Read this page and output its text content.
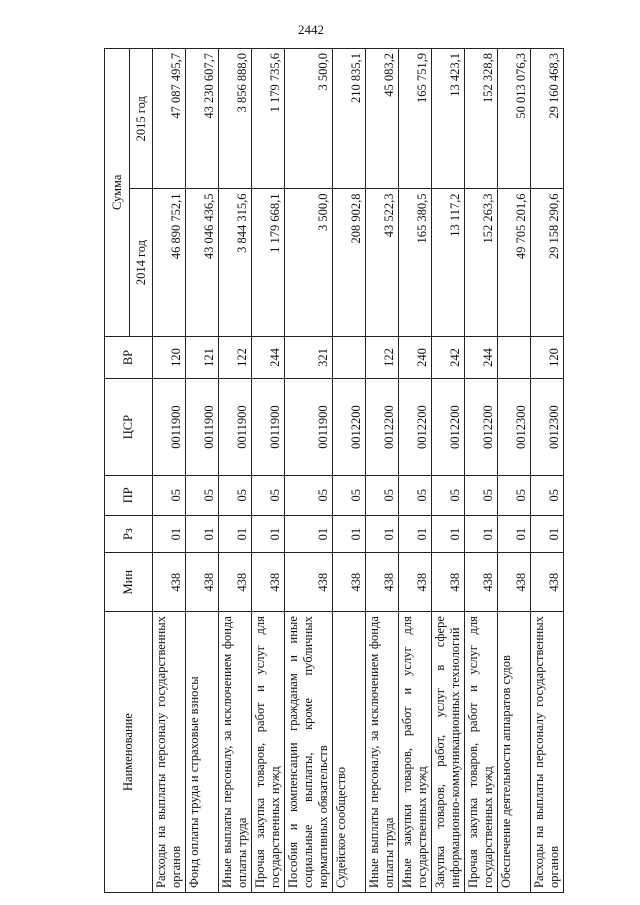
2442
Наименование	Мин	Рз	ПР	ЦСР	ВР	Сумма	
						2014 год	2015 год
Расходы на выплаты персоналу государственных органов	438	01	05	0011900	120	46 890 752,1	47 087 495,7
Фонд оплаты труда и страховые взносы	438	01	05	0011900	121	43 046 436,5	43 230 607,7
Иные выплаты персоналу, за исключением фонда оплаты труда	438	01	05	0011900	122	3 844 315,6	3 856 888,0
Прочая закупка товаров, работ и услуг для государственных нужд	438	01	05	0011900	244	1 179 668,1	1 179 735,6
Пособия и компенсации гражданам и иные социальные выплаты, кроме публичных нормативных обязательств	438	01	05	0011900	321	3 500,0	3 500,0
Судейское сообщество	438	01	05	0012200		208 902,8	210 835,1
Иные выплаты персоналу, за исключением фонда оплаты труда	438	01	05	0012200	122	43 522,3	45 083,2
Иные закупки товаров, работ и услуг для государственных нужд	438	01	05	0012200	240	165 380,5	165 751,9
Закупка товаров, работ, услуг в сфере информационно-коммуникационных технологий	438	01	05	0012200	242	13 117,2	13 423,1
Прочая закупка товаров, работ и услуг для государственных нужд	438	01	05	0012200	244	152 263,3	152 328,8
Обеспечение деятельности аппаратов судов	438	01	05	0012300		49 705 201,6	50 013 076,3
Расходы на выплаты персоналу государственных органов	438	01	05	0012300	120	29 158 290,6	29 160 468,3
